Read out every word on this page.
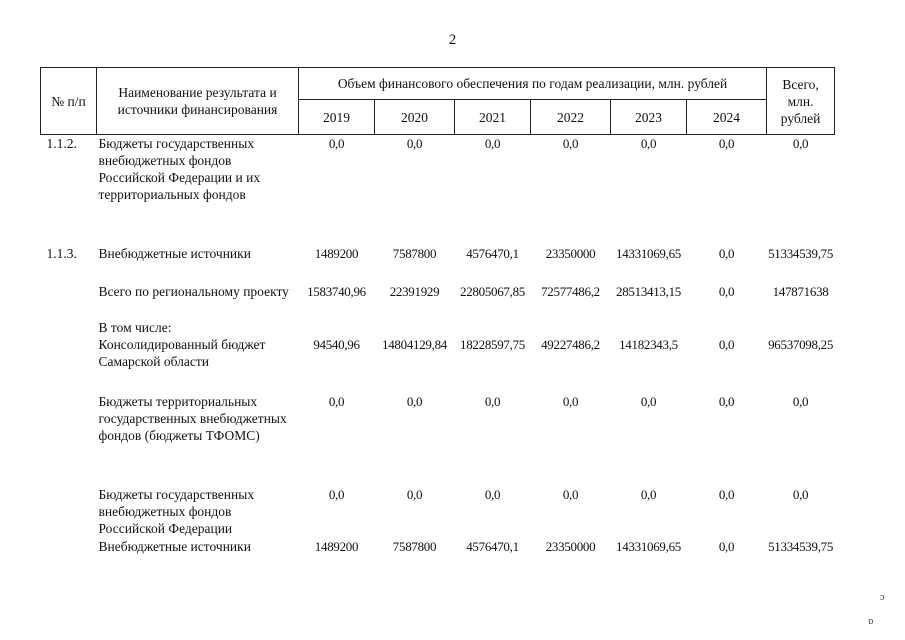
2
№ п/п	Наименование результата и источники финансирования	Объем финансового обеспечения по годам реализации, млн. рублей						Всего, млн. рублей
		2019	2020	2021	2022	2023	2024	
1.1.2.	Бюджеты государственных внебюджетных фондов Российской Федерации и их территориальных фондов	0,0	0,0	0,0	0,0	0,0	0,0	0,0
1.1.3.	Внебюджетные источники	1489200	7587800	4576470,1	23350000	14331069,65	0,0	51334539,75
	Всего по региональному проекту	1583740,96	22391929	22805067,85	72577486,2	28513413,15	0,0	147871638
	В том числе:							
	Консолидированный бюджет Самарской области	94540,96	14804129,84	18228597,75	49227486,2	14182343,5	0,0	96537098,25
	Бюджеты территориальных государственных внебюджетных фондов (бюджеты ТФОМС)	0,0	0,0	0,0	0,0	0,0	0,0	0,0
	Бюджеты государственных внебюджетных фондов Российской Федерации	0,0	0,0	0,0	0,0	0,0	0,0	0,0
	Внебюджетные источники	1489200	7587800	4576470,1	23350000	14331069,65	0,0	51334539,75
ɔ
ɒ
